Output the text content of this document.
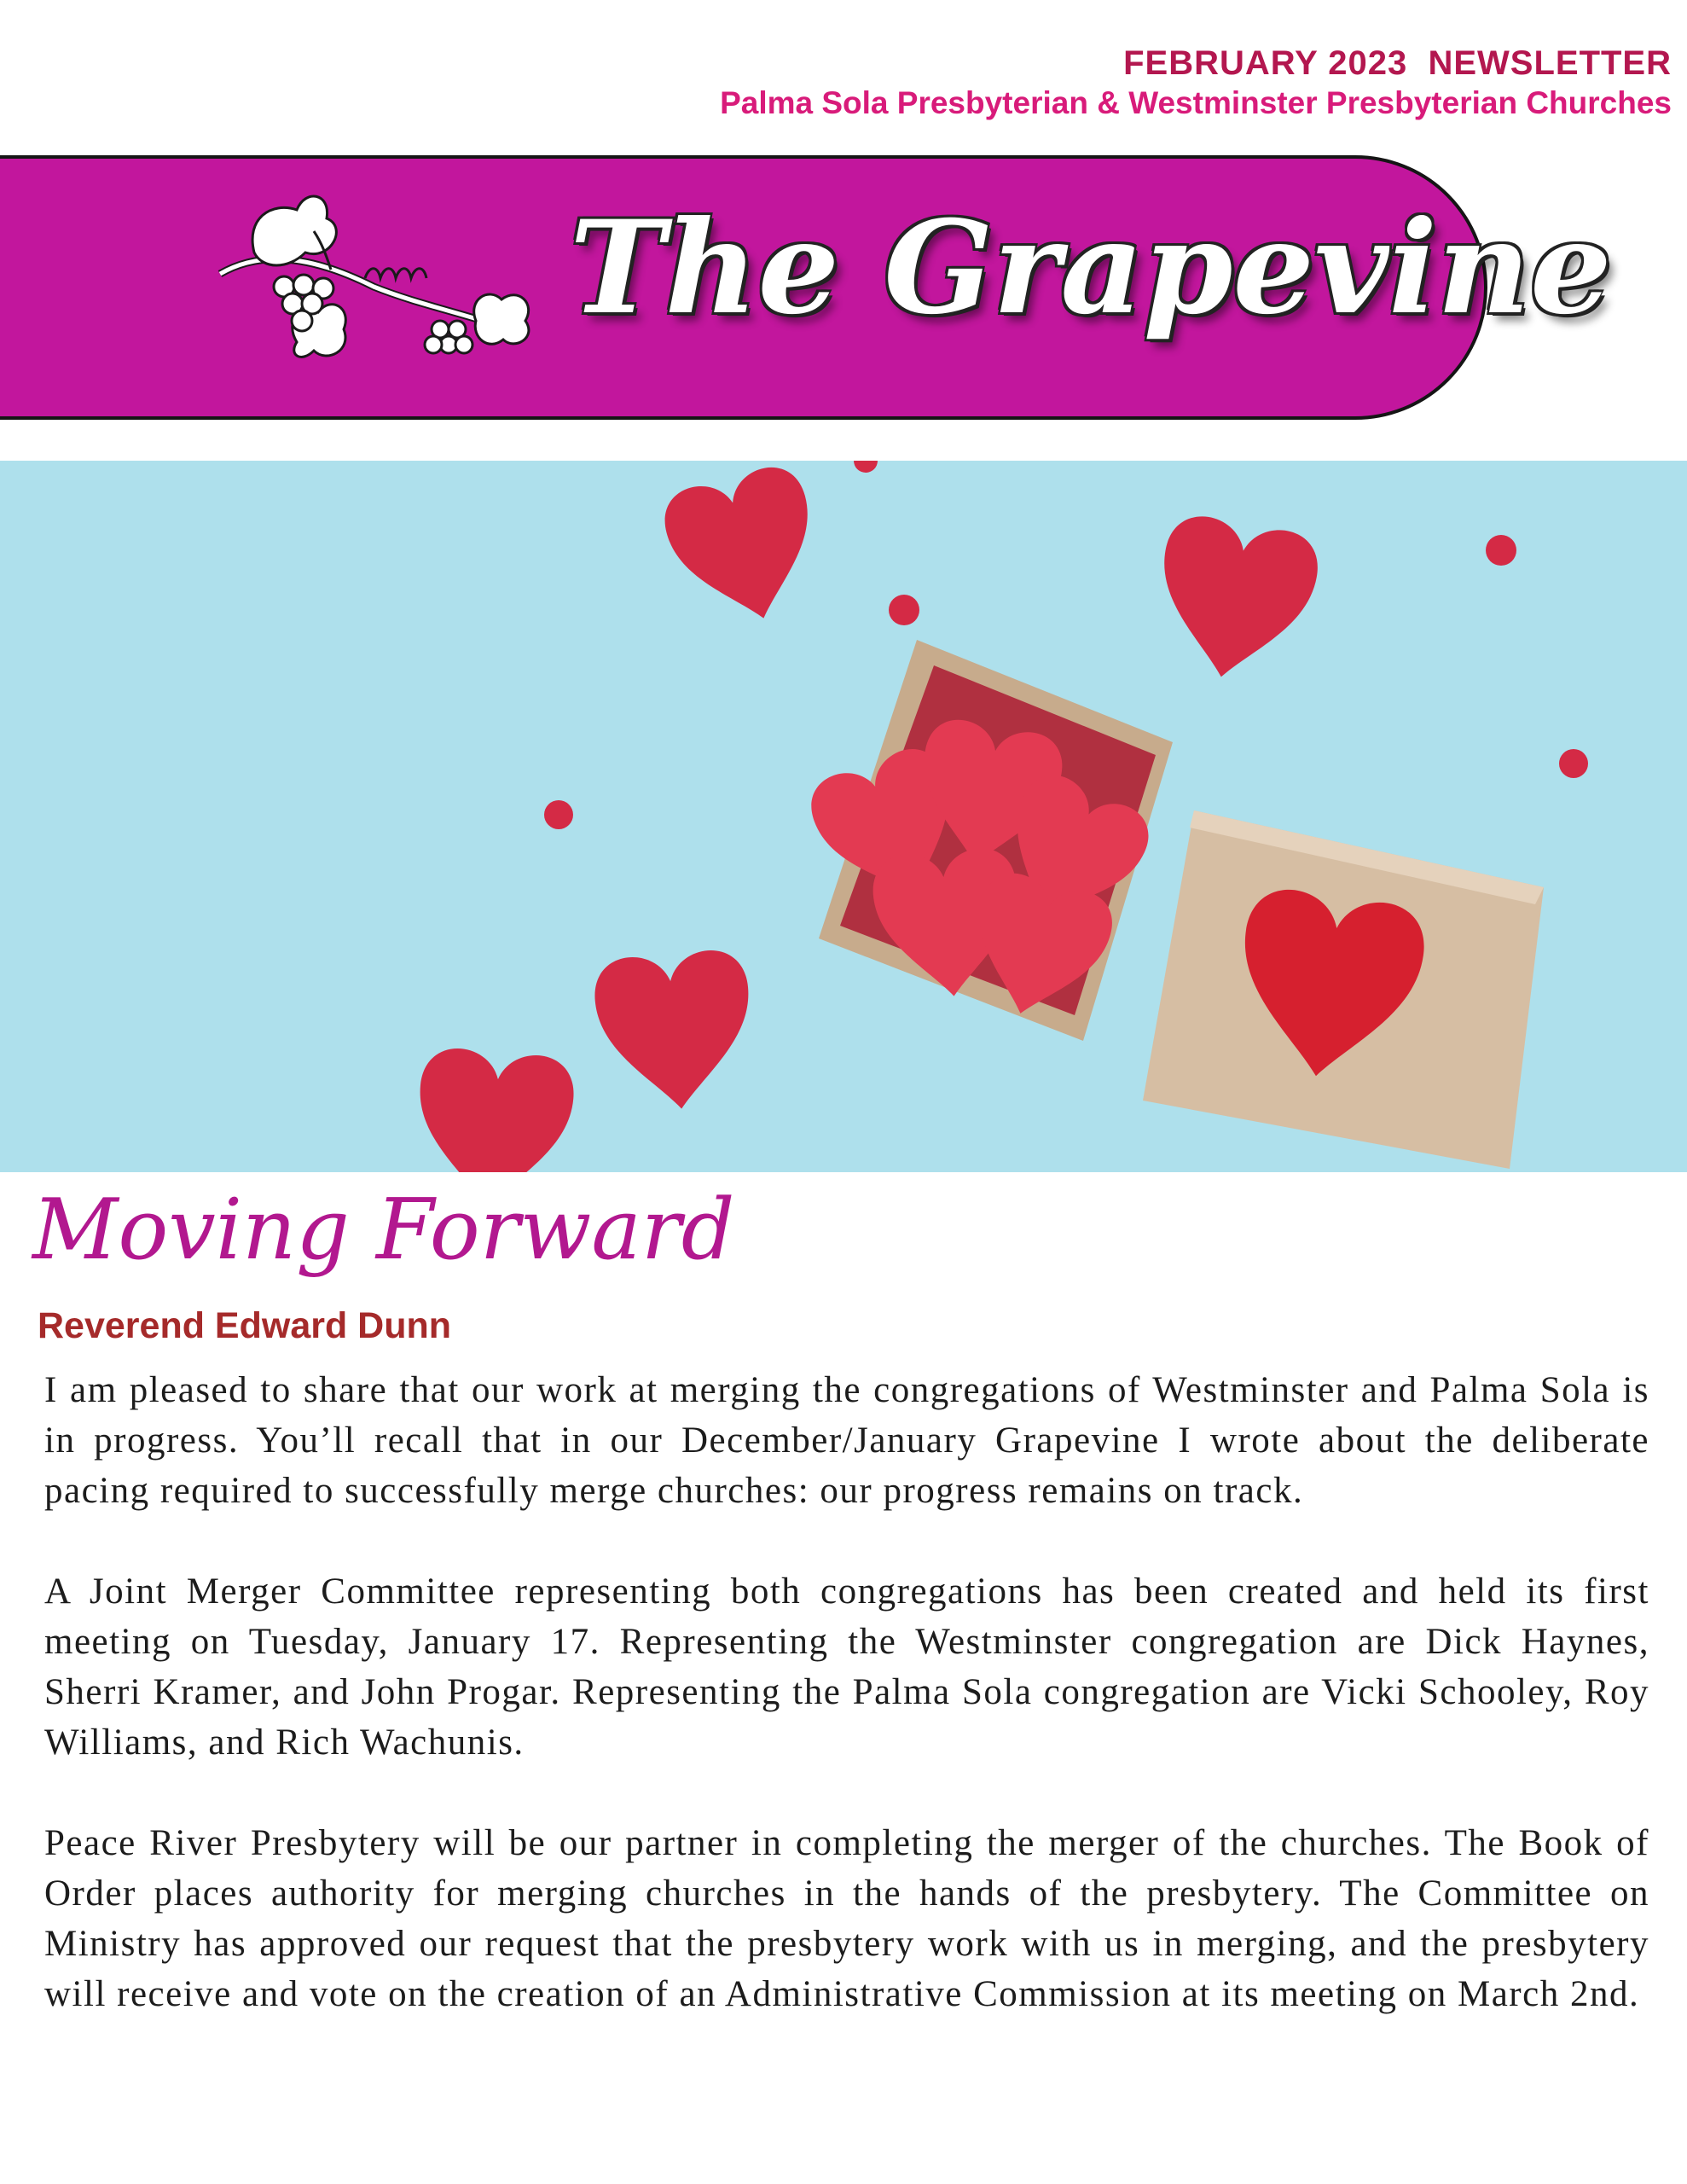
FEBRUARY 2023  NEWSLETTER
Palma Sola Presbyterian & Westminster Presbyterian Churches
The Grapevine
Moving Forward
Reverend Edward Dunn

I am pleased to share that our work at merging the congregations of Westminster and Palma Sola is in progress. You’ll recall that in our December/January Grapevine I wrote about the deliberate pacing required to successfully merge churches: our progress remains on track.

A Joint Merger Committee representing both congregations has been created and held its first meeting on Tuesday, January 17. Representing the Westminster congregation are Dick Haynes, Sherri Kramer, and John Progar. Representing the Palma Sola congregation are Vicki Schooley, Roy Williams, and Rich Wachunis.

Peace River Presbytery will be our partner in completing the merger of the churches. The Book of Order places authority for merging churches in the hands of the presbytery. The Committee on Ministry has approved our request that the presbytery work with us in merging, and the presbytery will receive and vote on the creation of an Administrative Commission at its meeting on March 2nd.
